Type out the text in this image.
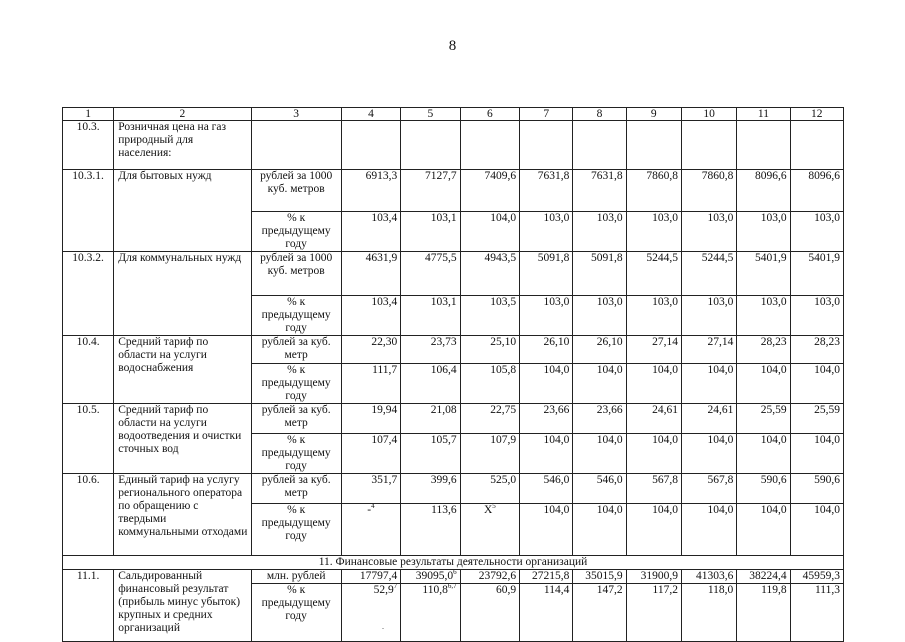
8
1	2	3	4	5	6	7	8	9	10	11	12
10.3.	Розничная цена на газ природный для населения:										
10.3.1.	Для бытовых нужд	рублей за 1000 куб. метров	6913,3	7127,7	7409,6	7631,8	7631,8	7860,8	7860,8	8096,6	8096,6
		% к предыдущему году	103,4	103,1	104,0	103,0	103,0	103,0	103,0	103,0	103,0
10.3.2.	Для коммунальных нужд	рублей за 1000 куб. метров	4631,9	4775,5	4943,5	5091,8	5091,8	5244,5	5244,5	5401,9	5401,9
		% к предыдущему году	103,4	103,1	103,5	103,0	103,0	103,0	103,0	103,0	103,0
10.4.	Средний тариф по области на услуги водоснабжения	рублей за куб. метр	22,30	23,73	25,10	26,10	26,10	27,14	27,14	28,23	28,23
		% к предыдущему году	111,7	106,4	105,8	104,0	104,0	104,0	104,0	104,0	104,0
10.5.	Средний тариф по области на услуги водоотведения и очистки сточных вод	рублей за куб. метр	19,94	21,08	22,75	23,66	23,66	24,61	24,61	25,59	25,59
		% к предыдущему году	107,4	105,7	107,9	104,0	104,0	104,0	104,0	104,0	104,0
10.6.	Единый тариф на услугу регионального оператора по обращению с твердыми коммунальными отходами	рублей за куб. метр	351,7	399,6	525,0	546,0	546,0	567,8	567,8	590,6	590,6
		% к предыдущему году	-$^4$	113,6	$X^5$	104,0	104,0	104,0	104,0	104,0	104,0
11. Финансовые результаты деятельности организаций											
11.1.	Сальдированный финансовый результат (прибыль минус убыток) крупных и средних организаций	млн. рублей	17797,4	39095,0$^6$	23792,6	27215,8	35015,9	31900,9	41303,6	38224,4	45959,3
		% к предыдущему году	52,9$^7$	110,8$^{6,7}$	60,9	114,4	147,2	117,2	118,0	119,8	111,3
.
